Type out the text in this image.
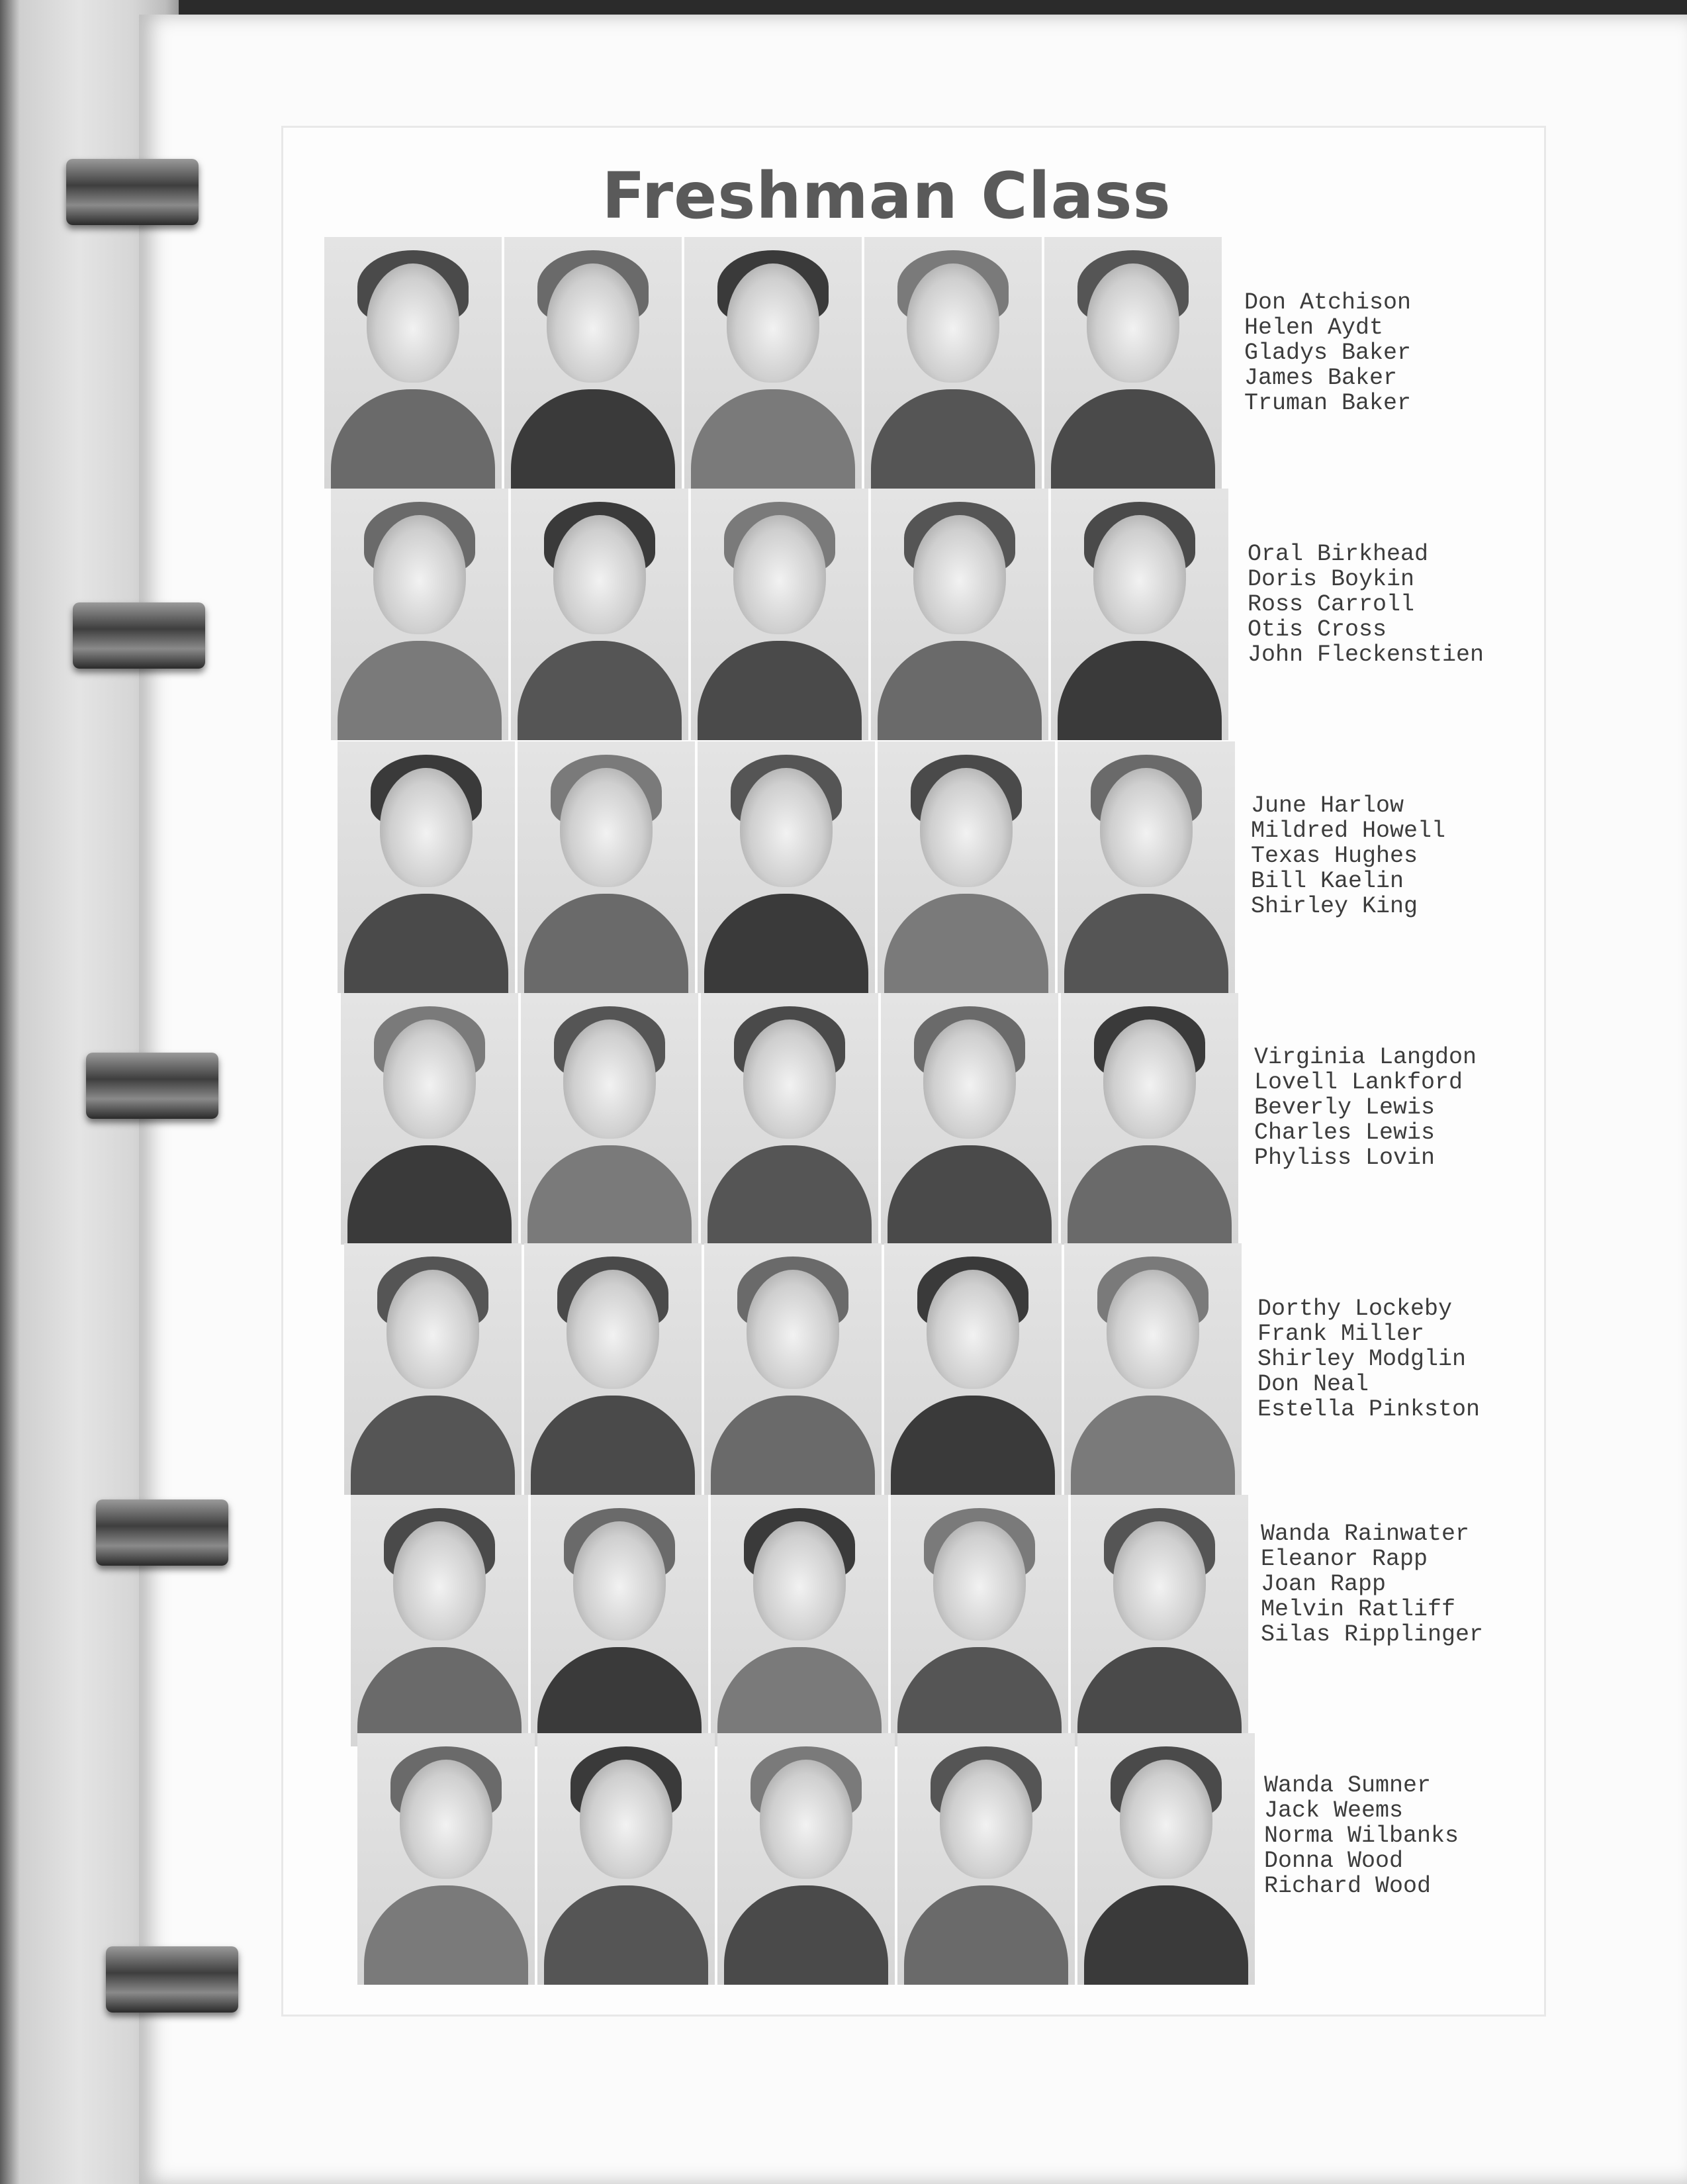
Freshman Class
Don Atchison
Helen Aydt
Gladys Baker
James Baker
Truman Baker
Oral Birkhead
Doris Boykin
Ross Carroll
Otis Cross
John Fleckenstien
June Harlow
Mildred Howell
Texas Hughes
Bill Kaelin
Shirley King
Virginia Langdon
Lovell Lankford
Beverly Lewis
Charles Lewis
Phyliss Lovin
Dorthy Lockeby
Frank Miller
Shirley Modglin
Don Neal
Estella Pinkston
Wanda Rainwater
Eleanor Rapp
Joan Rapp
Melvin Ratliff
Silas Ripplinger
Wanda Sumner
Jack Weems
Norma Wilbanks
Donna Wood
Richard Wood
